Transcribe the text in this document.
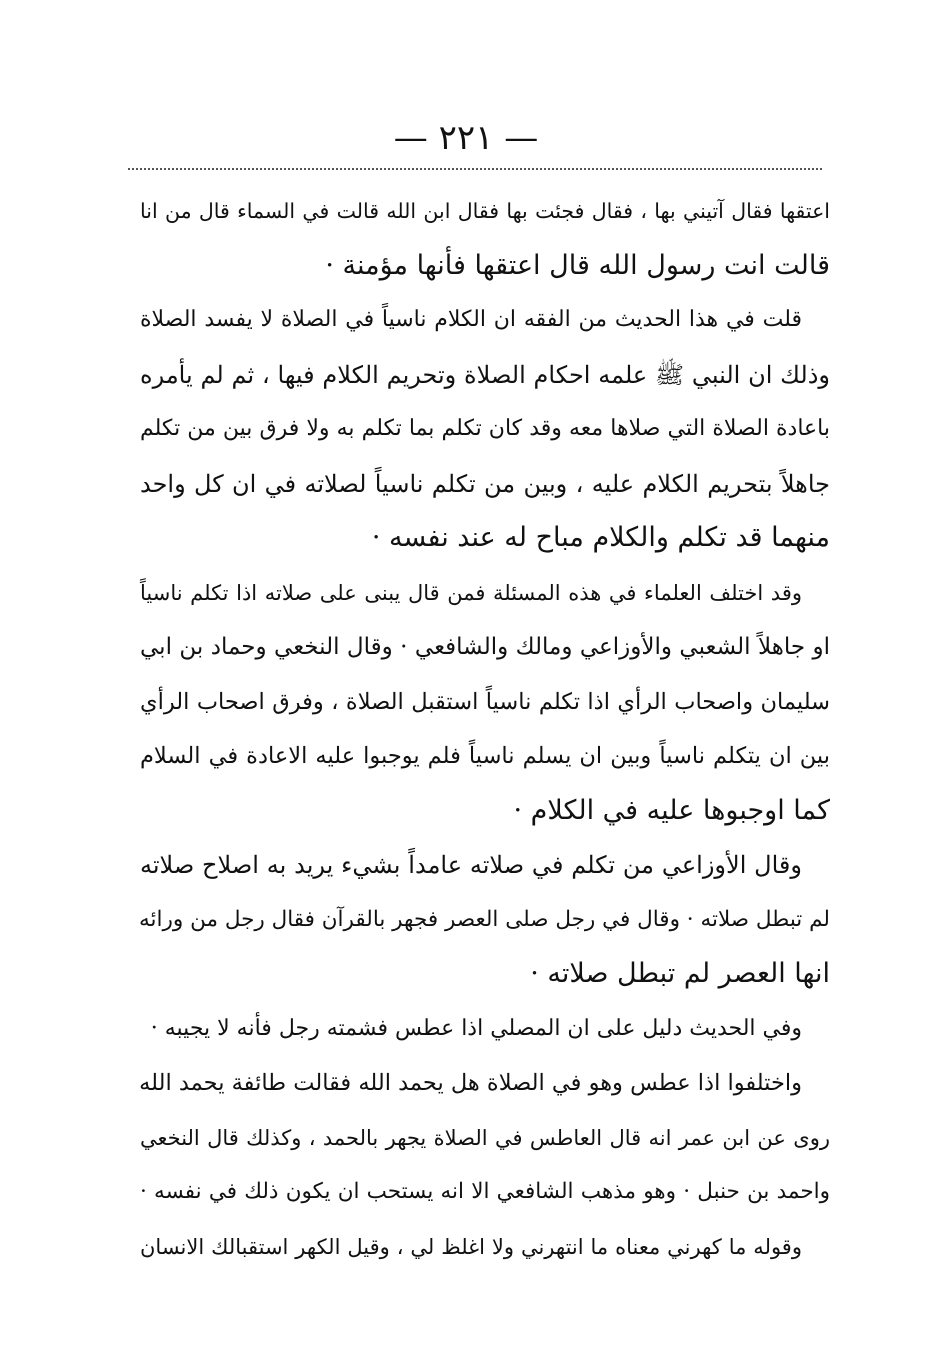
— ٢٢١ —
اعتقها فقال آتيني بها ، فقال فجئت بها فقال ابن الله قالت في السماء قال من انا
قالت انت رسول الله قال اعتقها فأنها مؤمنة ·
قلت في هذا الحديث من الفقه ان الكلام ناسياً في الصلاة لا يفسد الصلاة
وذلك ان النبي ﷺ علمه احكام الصلاة وتحريم الكلام فيها ، ثم لم يأمره
باعادة الصلاة التي صلاها معه وقد كان تكلم بما تكلم به ولا فرق بين من تكلم
جاهلاً بتحريم الكلام عليه ، وبين من تكلم ناسياً لصلاته في ان كل واحد
منهما قد تكلم والكلام مباح له عند نفسه ·
وقد اختلف العلماء في هذه المسئلة فمن قال يبنى على صلاته اذا تكلم ناسياً
او جاهلاً الشعبي والأوزاعي ومالك والشافعي · وقال النخعي وحماد بن ابي
سليمان واصحاب الرأي اذا تكلم ناسياً استقبل الصلاة ، وفرق اصحاب الرأي
بين ان يتكلم ناسياً وبين ان يسلم ناسياً فلم يوجبوا عليه الاعادة في السلام
كما اوجبوها عليه في الكلام ·
وقال الأوزاعي من تكلم في صلاته عامداً بشيء يريد به اصلاح صلاته
لم تبطل صلاته · وقال في رجل صلى العصر فجهر بالقرآن فقال رجل من ورائه
انها العصر لم تبطل صلاته ·
وفي الحديث دليل على ان المصلي اذا عطس فشمته رجل فأنه لا يجيبه ·
واختلفوا اذا عطس وهو في الصلاة هل يحمد الله فقالت طائفة يحمد الله
روى عن ابن عمر انه قال العاطس في الصلاة يجهر بالحمد ، وكذلك قال النخعي
واحمد بن حنبل · وهو مذهب الشافعي الا انه يستحب ان يكون ذلك في نفسه ·
وقوله ما كهرني معناه ما انتهرني ولا اغلظ لي ، وقيل الكهر استقبالك الانسان
